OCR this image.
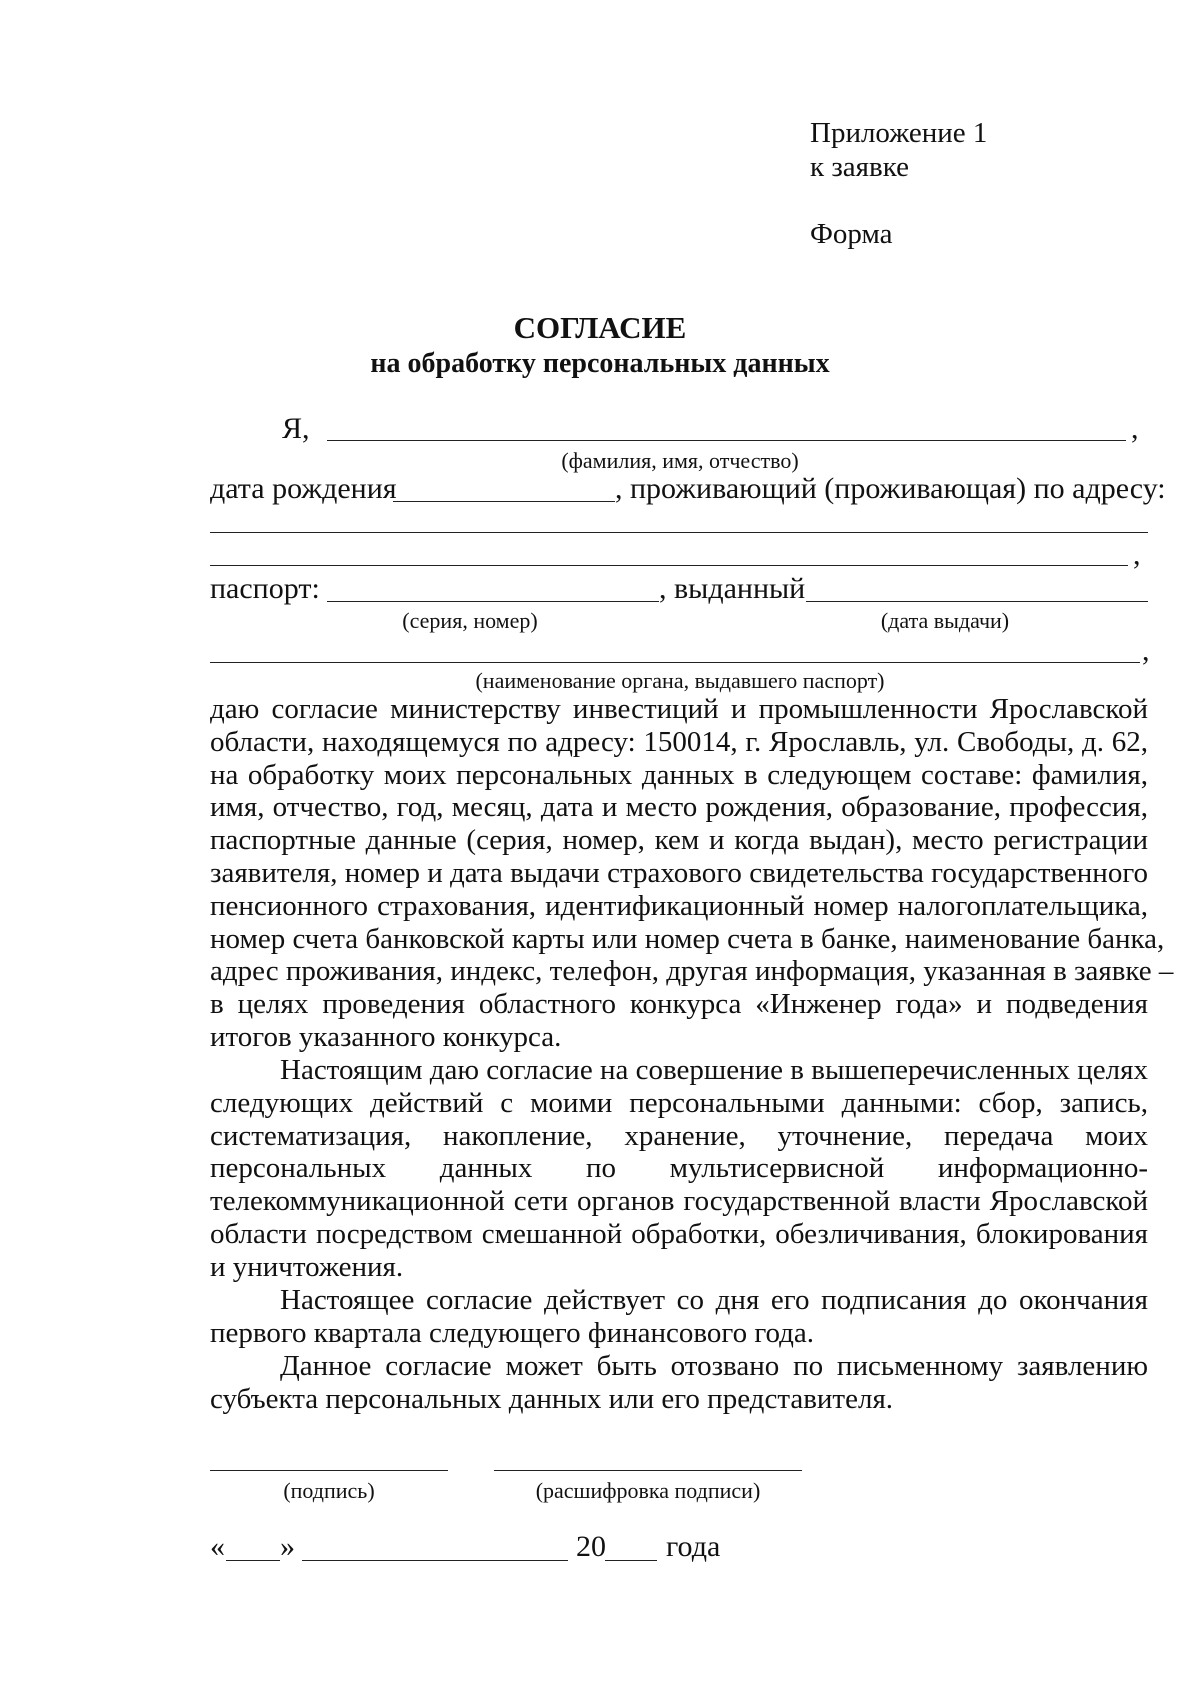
Приложение 1
к заявке
Форма
СОГЛАСИЕ
на обработку персональных данных
Я,	,
(фамилия, имя, отчество)
дата рождения	, проживающий (проживающая) по адресу:
,
паспорт:	, выданный
(серия, номер)	(дата выдачи)
,
(наименование органа, выдавшего паспорт)
даю согласие министерству инвестиций и промышленности Ярославской
области, находящемуся по адресу: 150014, г. Ярославль, ул. Свободы, д. 62,
на обработку моих персональных данных в следующем составе: фамилия,
имя, отчество, год, месяц, дата и место рождения, образование, профессия,
паспортные данные (серия, номер, кем и когда выдан), место регистрации
заявителя, номер и дата выдачи страхового свидетельства государственного
пенсионного страхования, идентификационный номер налогоплательщика,
номер счета банковской карты или номер счета в банке, наименование банка,
адрес проживания, индекс, телефон, другая информация, указанная в заявке –
в целях проведения областного конкурса «Инженер года» и подведения
итогов указанного конкурса.
Настоящим даю согласие на совершение в вышеперечисленных целях
следующих действий с моими персональными данными: сбор, запись,
систематизация, накопление, хранение, уточнение, передача моих
персональных данных по мультисервисной информационно-
телекоммуникационной сети органов государственной власти Ярославской
области посредством смешанной обработки, обезличивания, блокирования
и уничтожения.
Настоящее согласие действует со дня его подписания до окончания
первого квартала следующего финансового года.
Данное согласие может быть отозвано по письменному заявлению
субъекта персональных данных или его представителя.
(подпись)	(расшифровка подписи)
« »	20 года
